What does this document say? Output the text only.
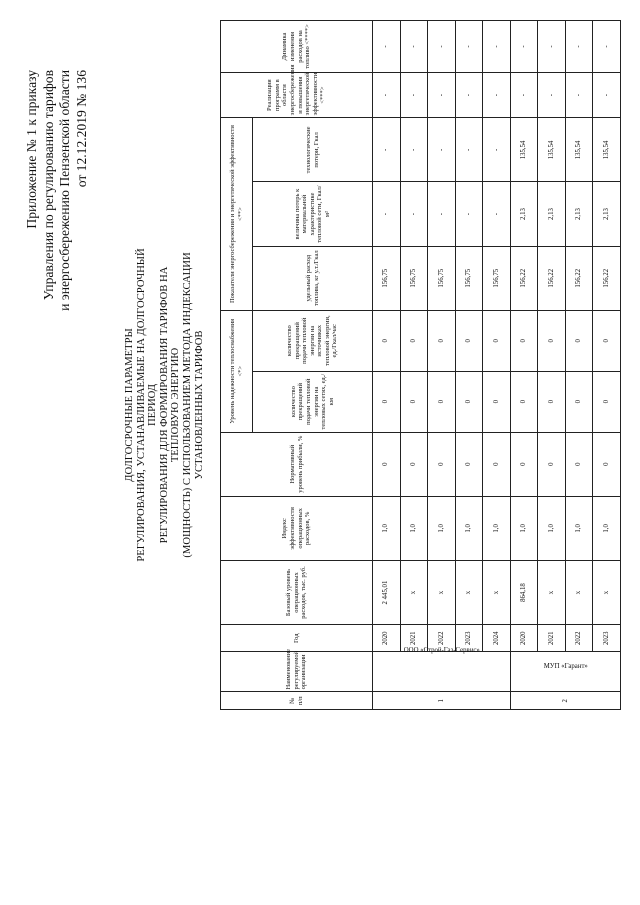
Приложение № 1 к приказу Управления по регулированию тарифов и энергосбережению Пензенской области от 12.12.2019 № 136
ДОЛГОСРОЧНЫЕ ПАРАМЕТРЫ РЕГУЛИРОВАНИЯ, УСТАНАВЛИВАЕМЫЕ НА ДОЛГОСРОЧНЫЙ ПЕРИОД РЕГУЛИРОВАНИЯ ДЛЯ ФОРМИРОВАНИЯ ТАРИФОВ НА ТЕПЛОВУЮ ЭНЕРГИЮ (МОЩНОСТЬ) С ИСПОЛЬЗОВАНИЕМ МЕТОДА ИНДЕКСАЦИИ УСТАНОВЛЕННЫХ ТАРИФОВ
№ п/п	Наименование регулируемой организации	Год	Базовый уровень операционных расходов, тыс. руб.	Индекс эффективности операционных расходов, %	Нормативный уровень прибыли, %	Уровень надежности теплоснабжения <*>		Показатели энергосбережения и энергетической эффективности <**>			Реализация программ в области энергосбережения и повышения энергетической эффективности <***>	Динамика изменения расходов на топливо <****>
						количество прекращений подачи тепловой энергии на тепловых сетях, ед./км	количество прекращений подачи тепловой энергии на источниках тепловой энергии, ед./Гкал/час	удельный расход топлива, кг у.т./Гкал	величина потерь к материальной характеристике тепловой сети, Гкал/м²	технологические потери, Гкал		
1	ООО «Строй-Газ-Сервис»	2020	2 445,01	1,0	0	0	0	156,75	-	-	-	-
		2021	х	1,0	0	0	0	156,75	-	-	-	-
		2022	х	1,0	0	0	0	156,75	-	-	-	-
		2023	х	1,0	0	0	0	156,75	-	-	-	-
		2024	х	1,0	0	0	0	156,75	-	-	-	-
2	МУП «Гарант»	2020	864,18	1,0	0	0	0	156,22	2,13	135,54	-	-
		2021	х	1,0	0	0	0	156,22	2,13	135,54	-	-
		2022	х	1,0	0	0	0	156,22	2,13	135,54	-	-
		2023	х	1,0	0	0	0	156,22	2,13	135,54	-	-
